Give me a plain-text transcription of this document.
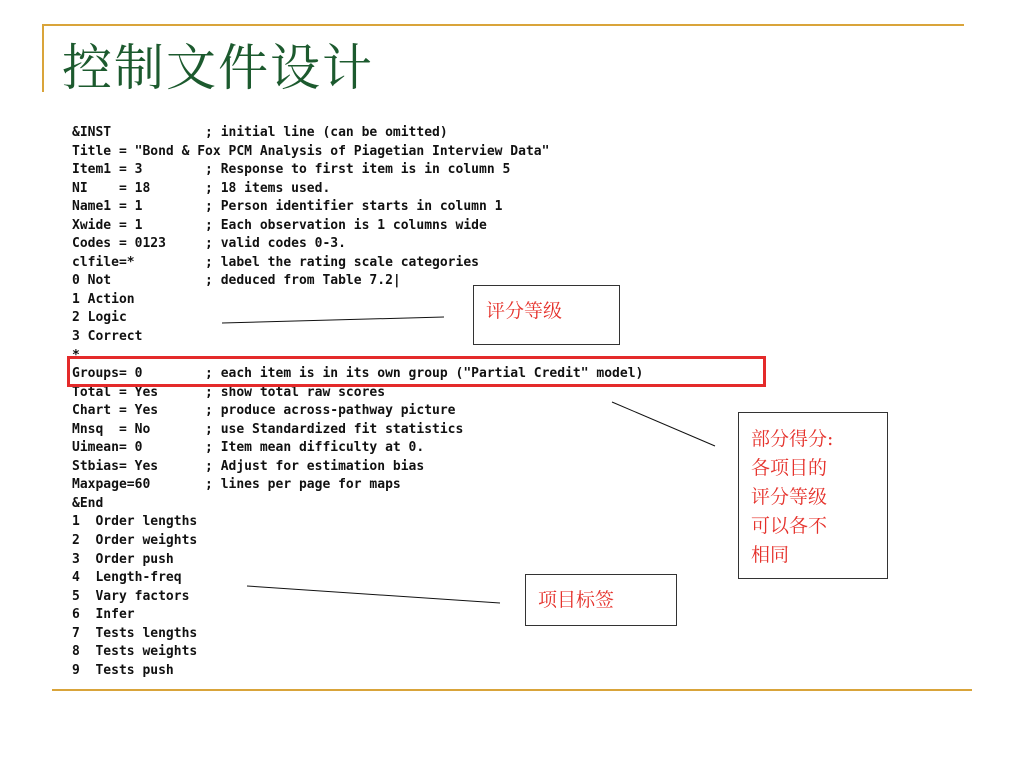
控制文件设计
&INST            ; initial line (can be omitted)
Title = "Bond & Fox PCM Analysis of Piagetian Interview Data"
Item1 = 3        ; Response to first item is in column 5
NI    = 18       ; 18 items used.
Name1 = 1        ; Person identifier starts in column 1
Xwide = 1        ; Each observation is 1 columns wide
Codes = 0123     ; valid codes 0-3.
clfile=*         ; label the rating scale categories
0 Not            ; deduced from Table 7.2|
1 Action
2 Logic
3 Correct
*
Groups= 0        ; each item is in its own group ("Partial Credit" model)
Total = Yes      ; show total raw scores
Chart = Yes      ; produce across-pathway picture
Mnsq  = No       ; use Standardized fit statistics
Uimean= 0        ; Item mean difficulty at 0.
Stbias= Yes      ; Adjust for estimation bias
Maxpage=60       ; lines per page for maps
&End
1  Order lengths
2  Order weights
3  Order push
4  Length-freq
5  Vary factors
6  Infer
7  Tests lengths
8  Tests weights
9  Tests push
评分等级
部分得分:
各项目的
评分等级
可以各不
相同
项目标签
